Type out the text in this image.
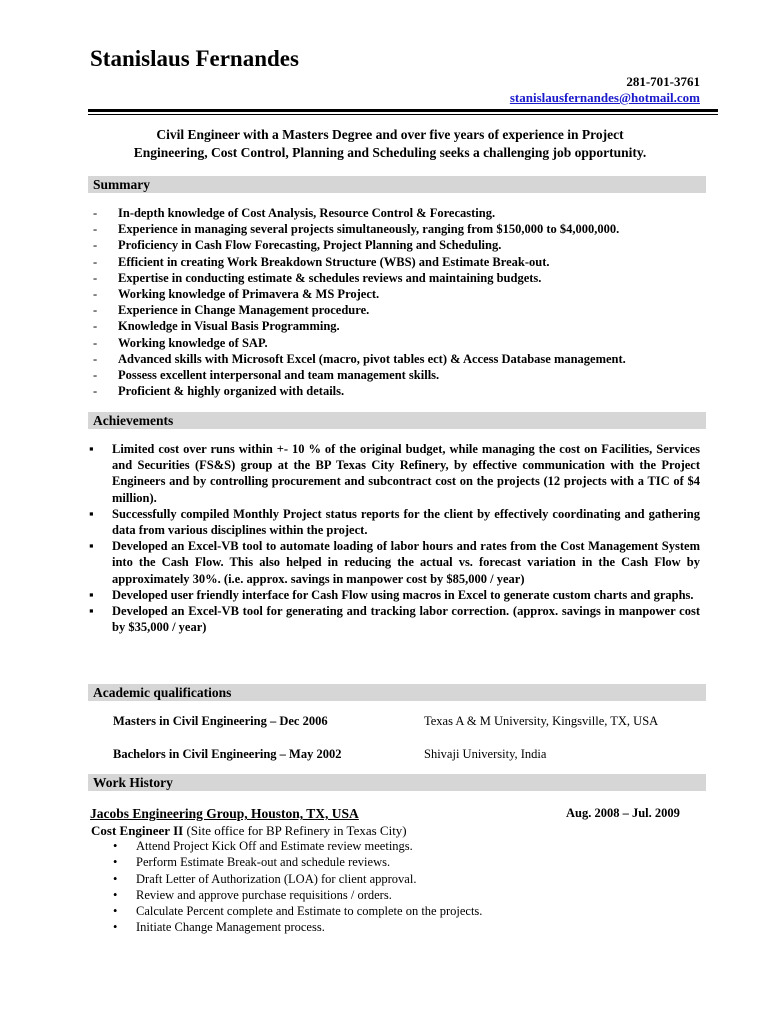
Stanislaus Fernandes
281-701-3761
stanislausfernandes@hotmail.com
Civil Engineer with a Masters Degree and over five years of experience in Project
Engineering, Cost Control, Planning and Scheduling seeks a challenging job opportunity.
Summary
- In-depth knowledge of Cost Analysis, Resource Control & Forecasting.
- Experience in managing several projects simultaneously, ranging from $150,000 to $4,000,000.
- Proficiency in Cash Flow Forecasting, Project Planning and Scheduling.
- Efficient in creating Work Breakdown Structure (WBS) and Estimate Break-out.
- Expertise in conducting estimate & schedules reviews and maintaining budgets.
- Working knowledge of Primavera & MS Project.
- Experience in Change Management procedure.
- Knowledge in Visual Basis Programming.
- Working knowledge of SAP.
- Advanced skills with Microsoft Excel (macro, pivot tables ect) & Access Database management.
- Possess excellent interpersonal and team management skills.
- Proficient & highly organized with details.
Achievements
▪ Limited cost over runs within +- 10 % of the original budget, while managing the cost on Facilities, Services and Securities (FS&S) group at the BP Texas City Refinery, by effective communication with the Project Engineers and by controlling procurement and subcontract cost on the projects (12 projects with a TIC of $4 million).
▪ Successfully compiled Monthly Project status reports for the client by effectively coordinating and gathering data from various disciplines within the project.
▪ Developed an Excel-VB tool to automate loading of labor hours and rates from the Cost Management System into the Cash Flow. This also helped in reducing the actual vs. forecast variation in the Cash Flow by approximately 30%. (i.e. approx. savings in manpower cost by $85,000 / year)
▪ Developed user friendly interface for Cash Flow using macros in Excel to generate custom charts and graphs.
▪ Developed an Excel-VB tool for generating and tracking labor correction. (approx. savings in manpower cost by $35,000 / year)
Academic qualifications
Masters in Civil Engineering – Dec 2006	Texas A & M University, Kingsville, TX, USA
Bachelors in Civil Engineering – May 2002	Shivaji University, India
Work History
Jacobs Engineering Group, Houston, TX, USA	Aug. 2008 – Jul. 2009
Cost Engineer II (Site office for BP Refinery in Texas City)
• Attend Project Kick Off and Estimate review meetings.
• Perform Estimate Break-out and schedule reviews.
• Draft Letter of Authorization (LOA) for client approval.
• Review and approve purchase requisitions / orders.
• Calculate Percent complete and Estimate to complete on the projects.
• Initiate Change Management process.
